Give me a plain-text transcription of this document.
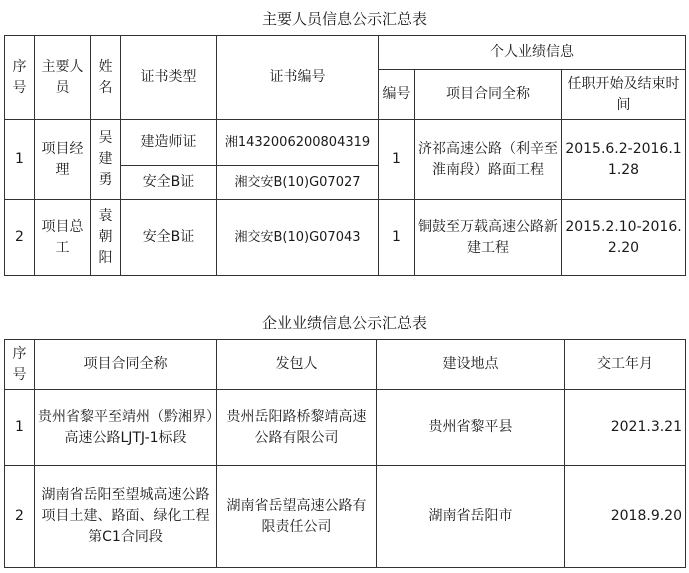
主要人员信息公示汇总表
序号	主要人员	姓名	证书类型	证书编号	个人业绩信息		
					编号	项目合同全称	任职开始及结束时间
1	项目经理	吴建勇	建造师证	湘1432006200804319	1	济祁高速公路（利辛至淮南段）路面工程	2015.6.2-2016.11.28
			安全B证	湘交安B(10)G07027			
2	项目总工	袁朝阳	安全B证	湘交安B(10)G07043	1	铜鼓至万载高速公路新建工程	2015.2.10-2016.2.20
企业业绩信息公示汇总表
序号	项目合同全称	发包人	建设地点	交工年月
1	贵州省黎平至靖州（黔湘界）高速公路LJTJ-1标段	贵州岳阳路桥黎靖高速公路有限公司	贵州省黎平县	2021.3.21
2	湖南省岳阳至望城高速公路项目土建、路面、绿化工程第C1合同段	湖南省岳望高速公路有限责任公司	湖南省岳阳市	2018.9.20
